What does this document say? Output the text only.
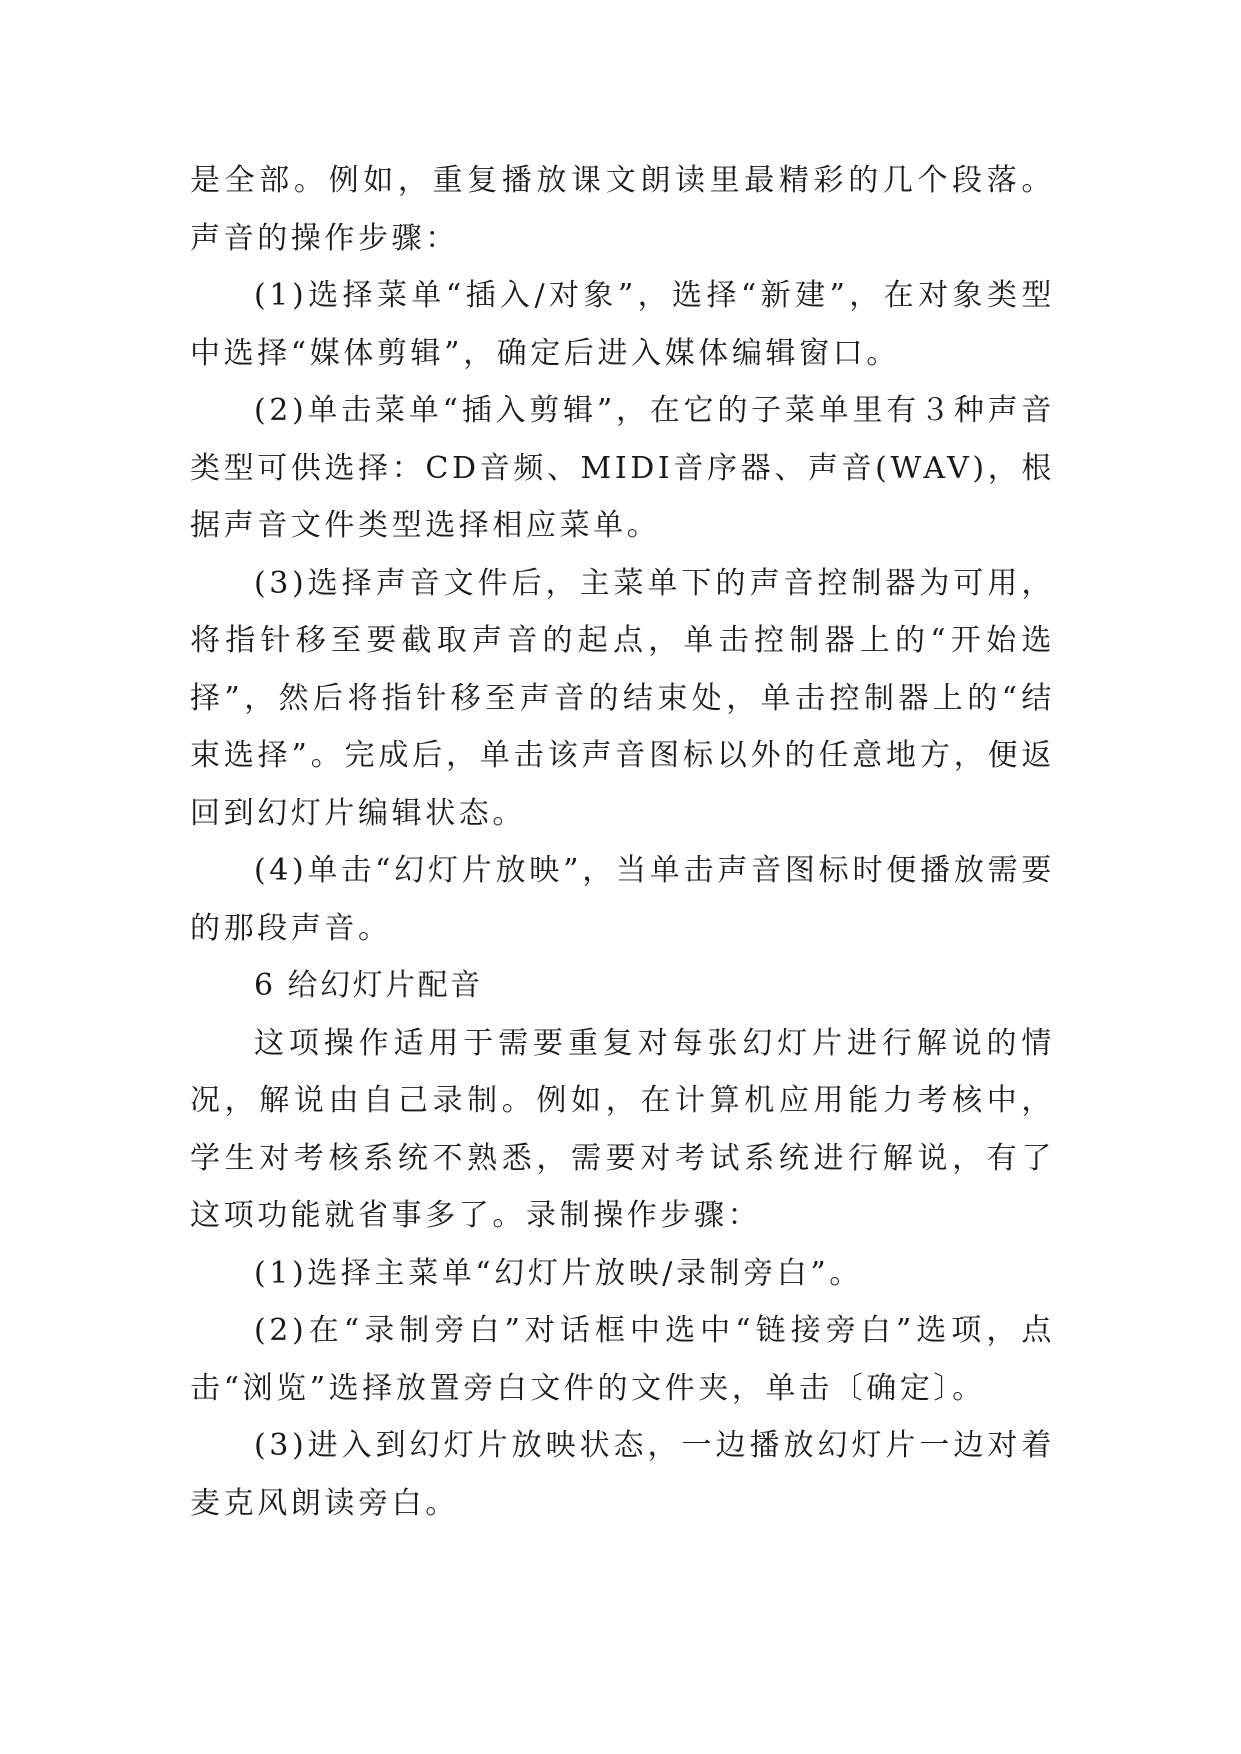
是全部。例如，重复播放课文朗读里最精彩的几个段落。声音的操作步骤：

(1)选择菜单“插入/对象”，选择“新建”，在对象类型中选择“媒体剪辑”，确定后进入媒体编辑窗口。

(2)单击菜单“插入剪辑”，在它的子菜单里有３种声音类型可供选择：CD音频、MIDI音序器、声音(WAV)，根据声音文件类型选择相应菜单。

(3)选择声音文件后，主菜单下的声音控制器为可用，将指针移至要截取声音的起点，单击控制器上的“开始选择”，然后将指针移至声音的结束处，单击控制器上的“结束选择”。完成后，单击该声音图标以外的任意地方，便返回到幻灯片编辑状态。

(4)单击“幻灯片放映”，当单击声音图标时便播放需要的那段声音。

6 给幻灯片配音

这项操作适用于需要重复对每张幻灯片进行解说的情况，解说由自己录制。例如，在计算机应用能力考核中，学生对考核系统不熟悉，需要对考试系统进行解说，有了这项功能就省事多了。录制操作步骤：

(1)选择主菜单“幻灯片放映/录制旁白”。

(2)在“录制旁白”对话框中选中“链接旁白”选项，点击“浏览”选择放置旁白文件的文件夹，单击〔确定〕。

(3)进入到幻灯片放映状态，一边播放幻灯片一边对着麦克风朗读旁白。
